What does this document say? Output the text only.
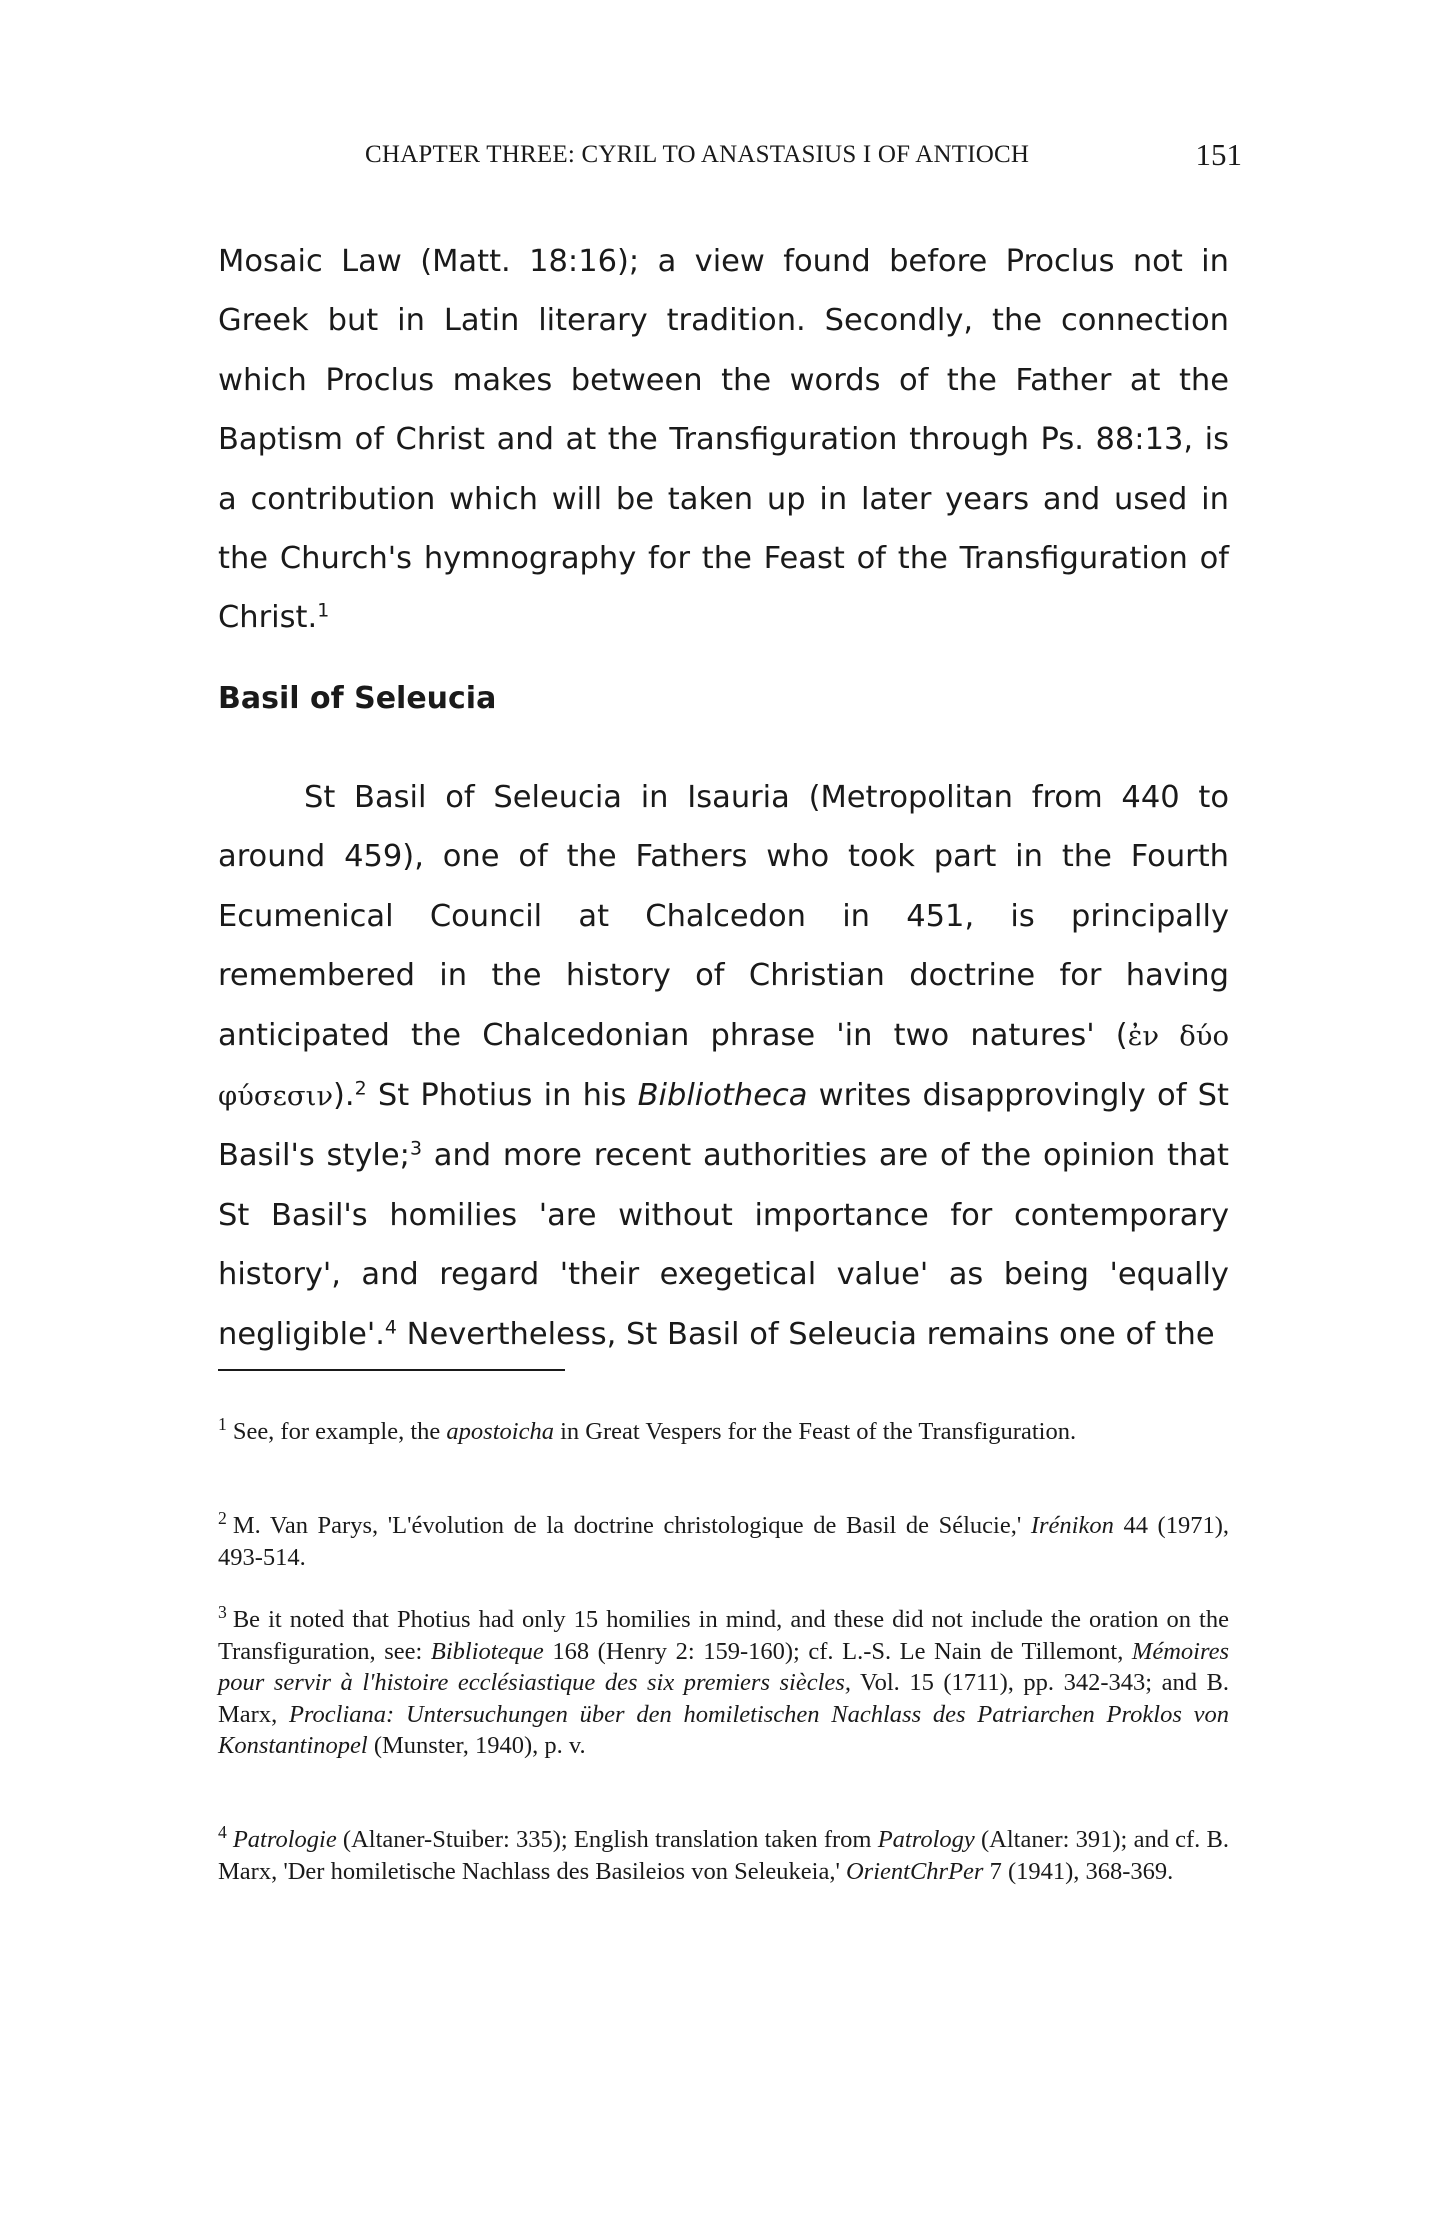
CHAPTER THREE: CYRIL TO ANASTASIUS I OF ANTIOCH	151

Mosaic Law (Matt. 18:16); a view found before Proclus not in Greek but in Latin literary tradition. Secondly, the connection which Proclus makes between the words of the Father at the Baptism of Christ and at the Transfiguration through Ps. 88:13, is a contribution which will be taken up in later years and used in the Church's hymnography for the Feast of the Transfiguration of Christ.$^1$

Basil of Seleucia

St Basil of Seleucia in Isauria (Metropolitan from 440 to around 459), one of the Fathers who took part in the Fourth Ecumenical Council at Chalcedon in 451, is principally remembered in the history of Christian doctrine for having anticipated the Chalcedonian phrase 'in two natures' (ἐν δύο φύσεσιν).$^2$ St Photius in his Bibliotheca writes disapprovingly of St Basil's style;$^3$ and more recent authorities are of the opinion that St Basil's homilies 'are without importance for contemporary history', and regard 'their exegetical value' as being 'equally negligible'.$^4$ Nevertheless, St Basil of Seleucia remains one of the

$^1$ See, for example, the apostoicha in Great Vespers for the Feast of the Transfiguration.

$^2$ M. Van Parys, 'L'évolution de la doctrine christologique de Basil de Sélucie,' Irénikon 44 (1971), 493-514.

$^3$ Be it noted that Photius had only 15 homilies in mind, and these did not include the oration on the Transfiguration, see: Biblioteque 168 (Henry 2: 159-160); cf. L.-S. Le Nain de Tillemont, Mémoires pour servir à l'histoire ecclésiastique des six premiers siècles, Vol. 15 (1711), pp. 342-343; and B. Marx, Procliana: Untersuchungen über den homiletischen Nachlass des Patriarchen Proklos von Konstantinopel (Munster, 1940), p. v.

$^4$ Patrologie (Altaner-Stuiber: 335); English translation taken from Patrology (Altaner: 391); and cf. B. Marx, 'Der homiletische Nachlass des Basileios von Seleukeia,' OrientChrPer 7 (1941), 368-369.
